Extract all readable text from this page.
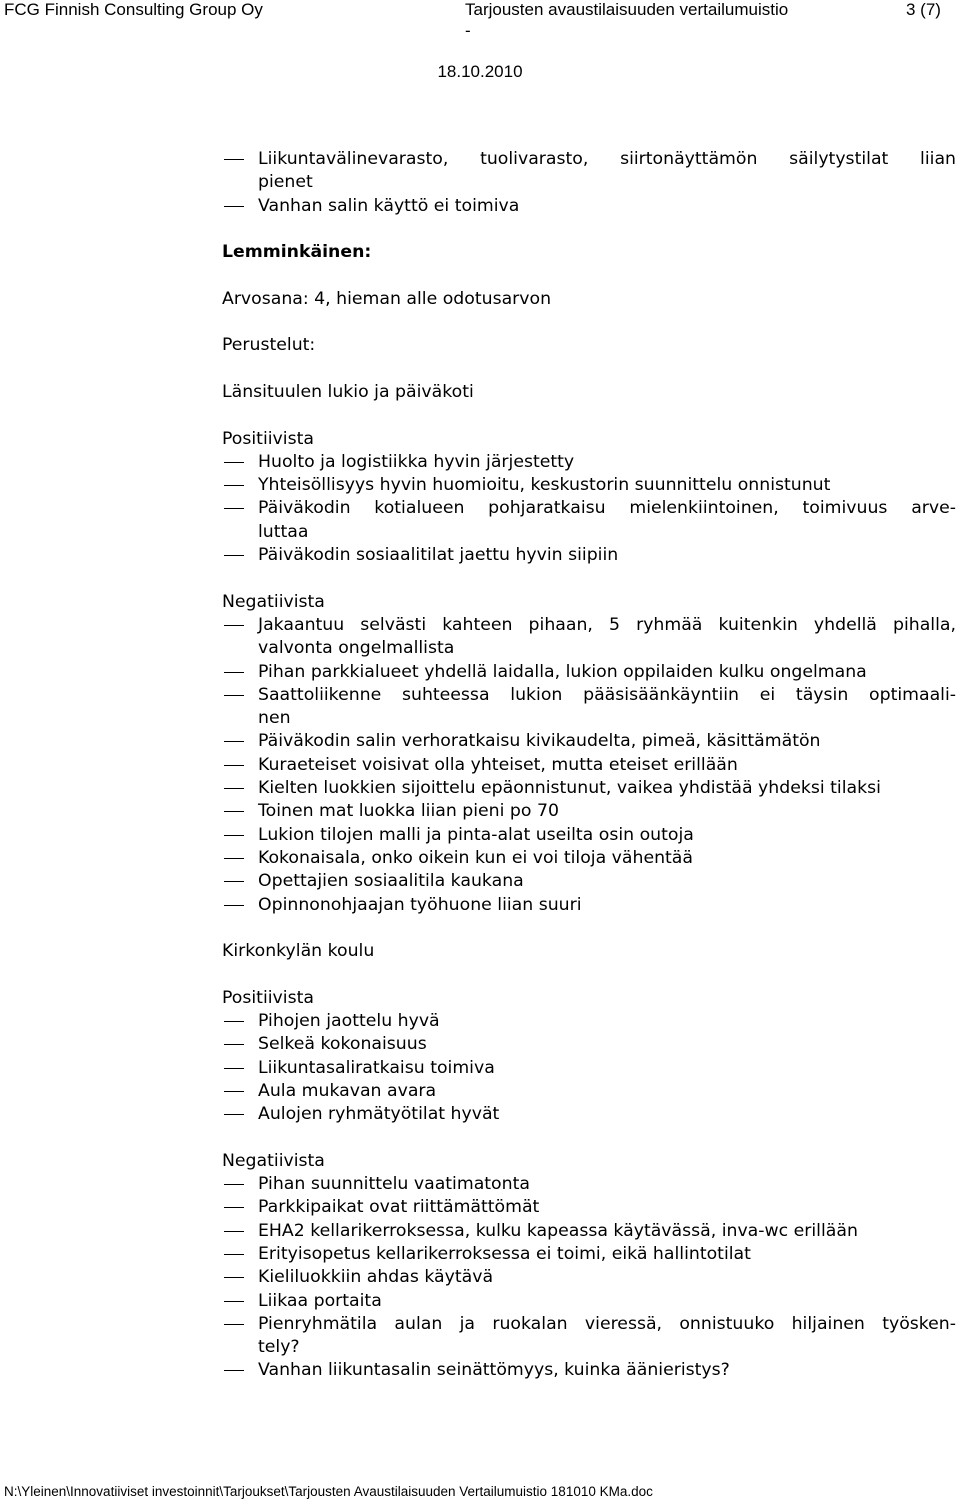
FCG Finnish Consulting Group Oy	Tarjousten avaustilaisuuden vertailumuistio	3 (7)
-
18.10.2010
Liikuntavälinevarasto, tuolivarasto, siirtonäyttämön säilytystilat liian
pienet
Vanhan salin käyttö ei toimiva

Lemminkäinen:

Arvosana: 4, hieman alle odotusarvon

Perustelut:

Länsituulen lukio ja päiväkoti

Positiivista

Huolto ja logistiikka hyvin järjestetty
Yhteisöllisyys hyvin huomioitu, keskustorin suunnittelu onnistunut
Päiväkodin kotialueen pohjaratkaisu mielenkiintoinen, toimivuus arve-
luttaa
Päiväkodin sosiaalitilat jaettu hyvin siipiin

Negatiivista

Jakaantuu selvästi kahteen pihaan, 5 ryhmää kuitenkin yhdellä pihalla,
valvonta ongelmallista
Pihan parkkialueet yhdellä laidalla, lukion oppilaiden kulku ongelmana
Saattoliikenne suhteessa lukion pääsisäänkäyntiin ei täysin optimaali-
nen
Päiväkodin salin verhoratkaisu kivikaudelta, pimeä, käsittämätön
Kuraeteiset voisivat olla yhteiset, mutta eteiset erillään
Kielten luokkien sijoittelu epäonnistunut, vaikea yhdistää yhdeksi tilaksi
Toinen mat luokka liian pieni po 70
Lukion tilojen malli ja pinta-alat useilta osin outoja
Kokonaisala, onko oikein kun ei voi tiloja vähentää
Opettajien sosiaalitila kaukana
Opinnonohjaajan työhuone liian suuri

Kirkonkylän koulu

Positiivista

Pihojen jaottelu hyvä
Selkeä kokonaisuus
Liikuntasaliratkaisu toimiva
Aula mukavan avara
Aulojen ryhmätyötilat hyvät

Negatiivista

Pihan suunnittelu vaatimatonta
Parkkipaikat ovat riittämättömät
EHA2 kellarikerroksessa, kulku kapeassa käytävässä, inva-wc erillään
Erityisopetus kellarikerroksessa ei toimi, eikä hallintotilat
Kieliluokkiin ahdas käytävä
Liikaa portaita
Pienryhmätila aulan ja ruokalan vieressä, onnistuuko hiljainen työsken-
tely?
Vanhan liikuntasalin seinättömyys, kuinka äänieristys?
N:\Yleinen\Innovatiiviset investoinnit\Tarjoukset\Tarjousten Avaustilaisuuden Vertailumuistio 181010 KMa.doc
